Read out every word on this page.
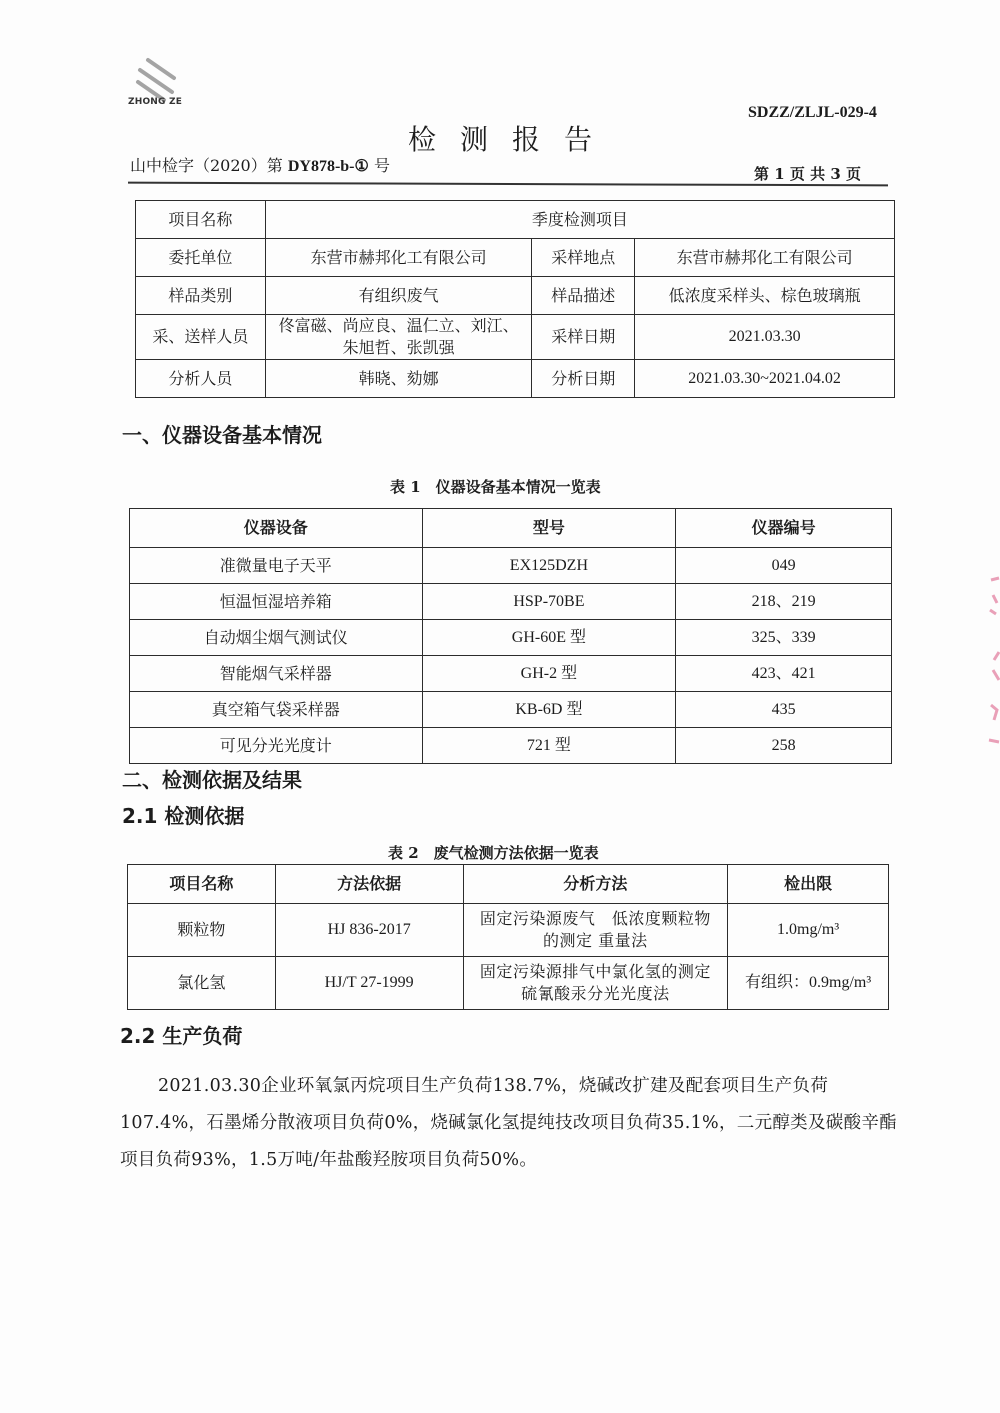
ZHONG ZE
SDZZ/ZLJL-029-4
检测报告
山中检字（2020）第 DY878-b-① 号	第 1 页 共 3 页
项目名称	季度检测项目		
委托单位	东营市赫邦化工有限公司	采样地点	东营市赫邦化工有限公司
样品类别	有组织废气	样品描述	低浓度采样头、棕色玻璃瓶
采、送样人员	佟富磁、尚应良、温仁立、刘江、朱旭哲、张凯强	采样日期	2021.03.30
分析人员	韩晓、劾娜	分析日期	2021.03.30~2021.04.02
一、仪器设备基本情况
表 1　仪器设备基本情况一览表
仪器设备	型号	仪器编号
准微量电子天平	EX125DZH	049
恒温恒湿培养箱	HSP-70BE	218、219
自动烟尘烟气测试仪	GH-60E 型	325、339
智能烟气采样器	GH-2 型	423、421
真空箱气袋采样器	KB-6D 型	435
可见分光光度计	721 型	258
二、检测依据及结果
2.1 检测依据
表 2　废气检测方法依据一览表
项目名称	方法依据	分析方法	检出限
颗粒物	HJ 836-2017	固定污染源废气　低浓度颗粒物的测定 重量法	1.0mg/m³
氯化氢	HJ/T 27-1999	固定污染源排气中氯化氢的测定 硫氰酸汞分光光度法	有组织：0.9mg/m³
2.2 生产负荷
2021.03.30企业环氧氯丙烷项目生产负荷138.7%，烧碱改扩建及配套项目生产负荷107.4%，石墨烯分散液项目负荷0%，烧碱氯化氢提纯技改项目负荷35.1%，二元醇类及碳酸辛酯项目负荷93%，1.5万吨/年盐酸羟胺项目负荷50%。
